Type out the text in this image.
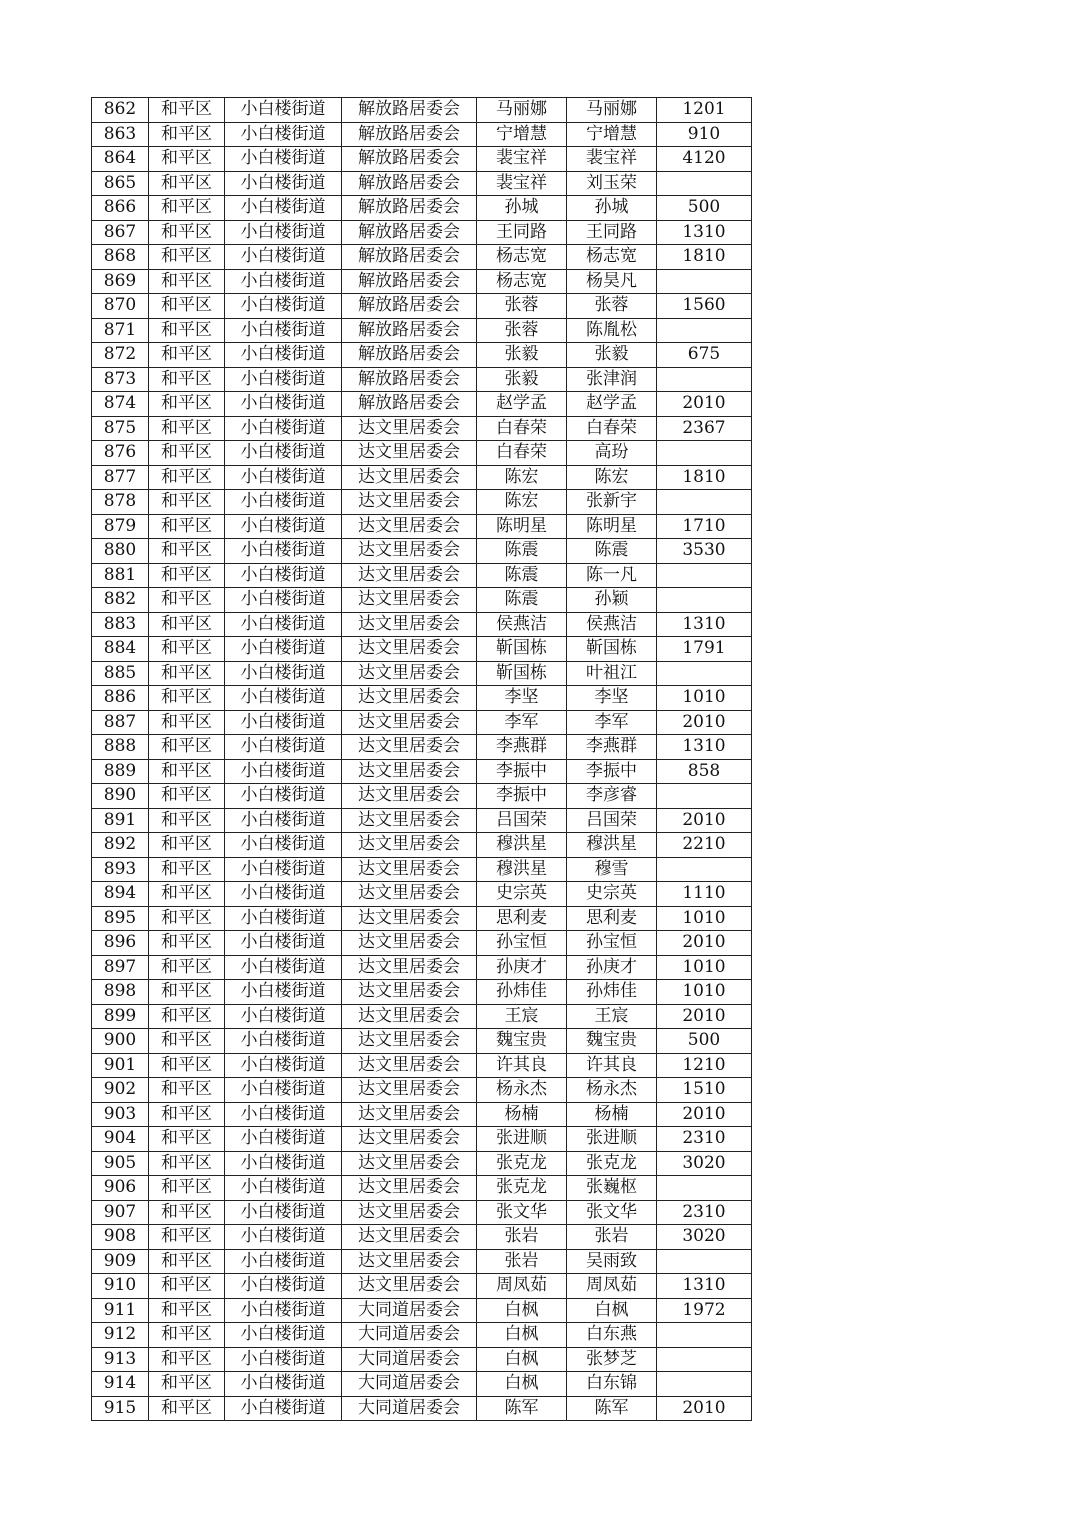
862	和平区	小白楼街道	解放路居委会	马丽娜	马丽娜	1201
863	和平区	小白楼街道	解放路居委会	宁增慧	宁增慧	910
864	和平区	小白楼街道	解放路居委会	裴宝祥	裴宝祥	4120
865	和平区	小白楼街道	解放路居委会	裴宝祥	刘玉荣	
866	和平区	小白楼街道	解放路居委会	孙城	孙城	500
867	和平区	小白楼街道	解放路居委会	王同路	王同路	1310
868	和平区	小白楼街道	解放路居委会	杨志宽	杨志宽	1810
869	和平区	小白楼街道	解放路居委会	杨志宽	杨昊凡	
870	和平区	小白楼街道	解放路居委会	张蓉	张蓉	1560
871	和平区	小白楼街道	解放路居委会	张蓉	陈胤松	
872	和平区	小白楼街道	解放路居委会	张毅	张毅	675
873	和平区	小白楼街道	解放路居委会	张毅	张津润	
874	和平区	小白楼街道	解放路居委会	赵学孟	赵学孟	2010
875	和平区	小白楼街道	达文里居委会	白春荣	白春荣	2367
876	和平区	小白楼街道	达文里居委会	白春荣	高玢	
877	和平区	小白楼街道	达文里居委会	陈宏	陈宏	1810
878	和平区	小白楼街道	达文里居委会	陈宏	张新宇	
879	和平区	小白楼街道	达文里居委会	陈明星	陈明星	1710
880	和平区	小白楼街道	达文里居委会	陈震	陈震	3530
881	和平区	小白楼街道	达文里居委会	陈震	陈一凡	
882	和平区	小白楼街道	达文里居委会	陈震	孙颖	
883	和平区	小白楼街道	达文里居委会	侯燕洁	侯燕洁	1310
884	和平区	小白楼街道	达文里居委会	靳国栋	靳国栋	1791
885	和平区	小白楼街道	达文里居委会	靳国栋	叶祖江	
886	和平区	小白楼街道	达文里居委会	李坚	李坚	1010
887	和平区	小白楼街道	达文里居委会	李军	李军	2010
888	和平区	小白楼街道	达文里居委会	李燕群	李燕群	1310
889	和平区	小白楼街道	达文里居委会	李振中	李振中	858
890	和平区	小白楼街道	达文里居委会	李振中	李彦睿	
891	和平区	小白楼街道	达文里居委会	吕国荣	吕国荣	2010
892	和平区	小白楼街道	达文里居委会	穆洪星	穆洪星	2210
893	和平区	小白楼街道	达文里居委会	穆洪星	穆雪	
894	和平区	小白楼街道	达文里居委会	史宗英	史宗英	1110
895	和平区	小白楼街道	达文里居委会	思利麦	思利麦	1010
896	和平区	小白楼街道	达文里居委会	孙宝恒	孙宝恒	2010
897	和平区	小白楼街道	达文里居委会	孙庚才	孙庚才	1010
898	和平区	小白楼街道	达文里居委会	孙炜佳	孙炜佳	1010
899	和平区	小白楼街道	达文里居委会	王宸	王宸	2010
900	和平区	小白楼街道	达文里居委会	魏宝贵	魏宝贵	500
901	和平区	小白楼街道	达文里居委会	许其良	许其良	1210
902	和平区	小白楼街道	达文里居委会	杨永杰	杨永杰	1510
903	和平区	小白楼街道	达文里居委会	杨楠	杨楠	2010
904	和平区	小白楼街道	达文里居委会	张进顺	张进顺	2310
905	和平区	小白楼街道	达文里居委会	张克龙	张克龙	3020
906	和平区	小白楼街道	达文里居委会	张克龙	张巍枢	
907	和平区	小白楼街道	达文里居委会	张文华	张文华	2310
908	和平区	小白楼街道	达文里居委会	张岩	张岩	3020
909	和平区	小白楼街道	达文里居委会	张岩	吴雨致	
910	和平区	小白楼街道	达文里居委会	周凤茹	周凤茹	1310
911	和平区	小白楼街道	大同道居委会	白枫	白枫	1972
912	和平区	小白楼街道	大同道居委会	白枫	白东燕	
913	和平区	小白楼街道	大同道居委会	白枫	张梦芝	
914	和平区	小白楼街道	大同道居委会	白枫	白东锦	
915	和平区	小白楼街道	大同道居委会	陈军	陈军	2010
